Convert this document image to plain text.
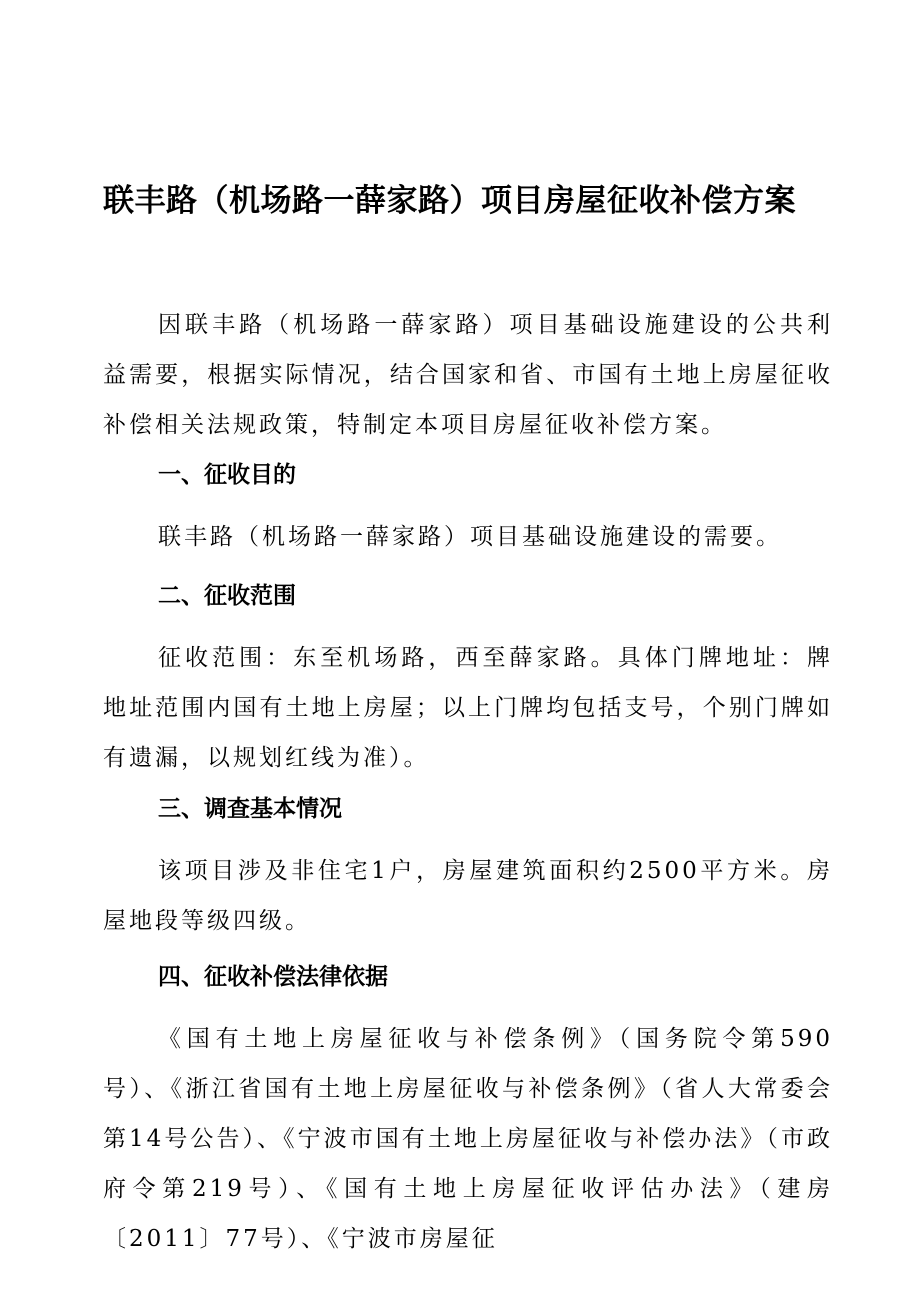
联丰路（机场路一薛家路）项目房屋征收补偿方案

因联丰路（机场路一薛家路）项目基础设施建设的公共利益需要，根据实际情况，结合国家和省、市国有土地上房屋征收补偿相关法规政策，特制定本项目房屋征收补偿方案。

一、征收目的

联丰路（机场路一薛家路）项目基础设施建设的需要。

二、征收范围

征收范围：东至机场路，西至薛家路。具体门牌地址：牌地址范围内国有土地上房屋；以上门牌均包括支号，个别门牌如有遗漏，以规划红线为准）。

三、调查基本情况

该项目涉及非住宅1户，房屋建筑面积约2500平方米。房屋地段等级四级。

四、征收补偿法律依据

《国有土地上房屋征收与补偿条例》（国务院令第590号）、《浙江省国有土地上房屋征收与补偿条例》（省人大常委会第14号公告）、《宁波市国有土地上房屋征收与补偿办法》（市政府令第219号）、《国有土地上房屋征收评估办法》（建房〔2011〕77号）、《宁波市房屋征
